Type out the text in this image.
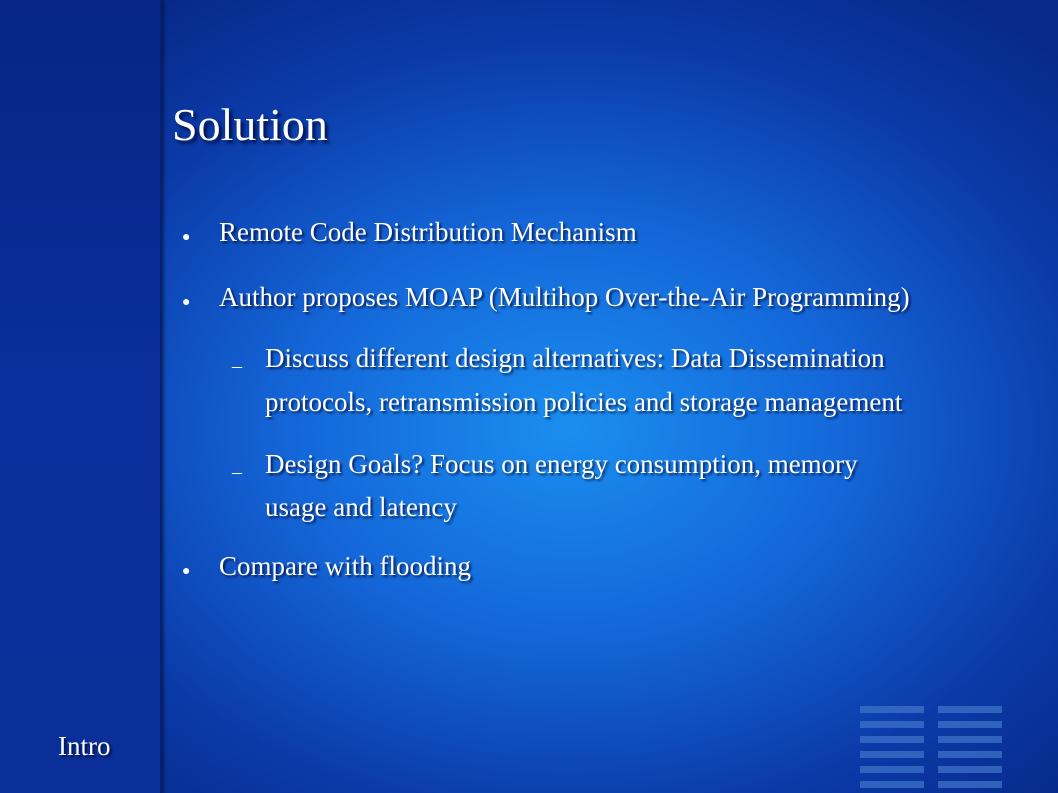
Intro
Solution
● Remote Code Distribution Mechanism
● Author proposes MOAP (Multihop Over-the-Air Programming)
– Discuss different design alternatives: Data Dissemination
protocols, retransmission policies and storage management
– Design Goals? Focus on energy consumption, memory
usage and latency
● Compare with flooding
